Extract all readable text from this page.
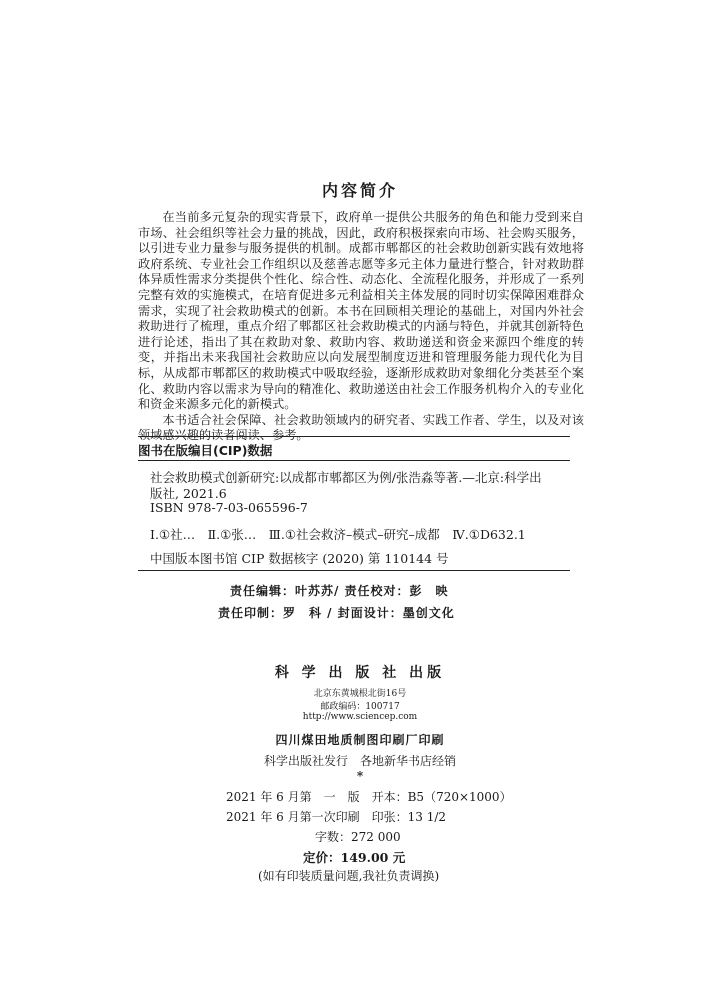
内容简介

在当前多元复杂的现实背景下，政府单一提供公共服务的角色和能力受到来自市场、社会组织等社会力量的挑战，因此，政府积极探索向市场、社会购买服务，以引进专业力量参与服务提供的机制。成都市郫都区的社会救助创新实践有效地将政府系统、专业社会工作组织以及慈善志愿等多元主体力量进行整合，针对救助群体异质性需求分类提供个性化、综合性、动态化、全流程化服务，并形成了一系列完整有效的实施模式，在培育促进多元利益相关主体发展的同时切实保障困难群众需求，实现了社会救助模式的创新。本书在回顾相关理论的基础上，对国内外社会救助进行了梳理，重点介绍了郫都区社会救助模式的内涵与特色，并就其创新特色进行论述，指出了其在救助对象、救助内容、救助递送和资金来源四个维度的转变，并指出未来我国社会救助应以向发展型制度迈进和管理服务能力现代化为目标，从成都市郫都区的救助模式中吸取经验，逐渐形成救助对象细化分类甚至个案化、救助内容以需求为导向的精准化、救助递送由社会工作服务机构介入的专业化和资金来源多元化的新模式。

本书适合社会保障、社会救助领域内的研究者、实践工作者、学生，以及对该领域感兴趣的读者阅读、参考。

图书在版编目(CIP)数据
社会救助模式创新研究:以成都市郫都区为例/张浩淼等著.—北京:科学出
版社, 2021.6
ISBN 978-7-03-065596-7
Ⅰ.①社…　Ⅱ.①张…　Ⅲ.①社会救济–模式–研究–成都　Ⅳ.①D632.1
中国版本图书馆 CIP 数据核字 (2020) 第 110144 号
责任编辑：叶苏苏/ 责任校对：彭　映
责任印制：罗　科 / 封面设计：墨创文化
科 学 出 版 社 出版
北京东黄城根北街16号
邮政编码：100717
http://www.sciencep.com
四川煤田地质制图印刷厂印刷
科学出版社发行　各地新华书店经销
*
2021 年 6 月第　一　版　开本：B5（720×1000）
2021 年 6 月第一次印刷　印张：13 1/2
字数：272 000
定价：149.00 元
(如有印装质量问题,我社负责调换)
